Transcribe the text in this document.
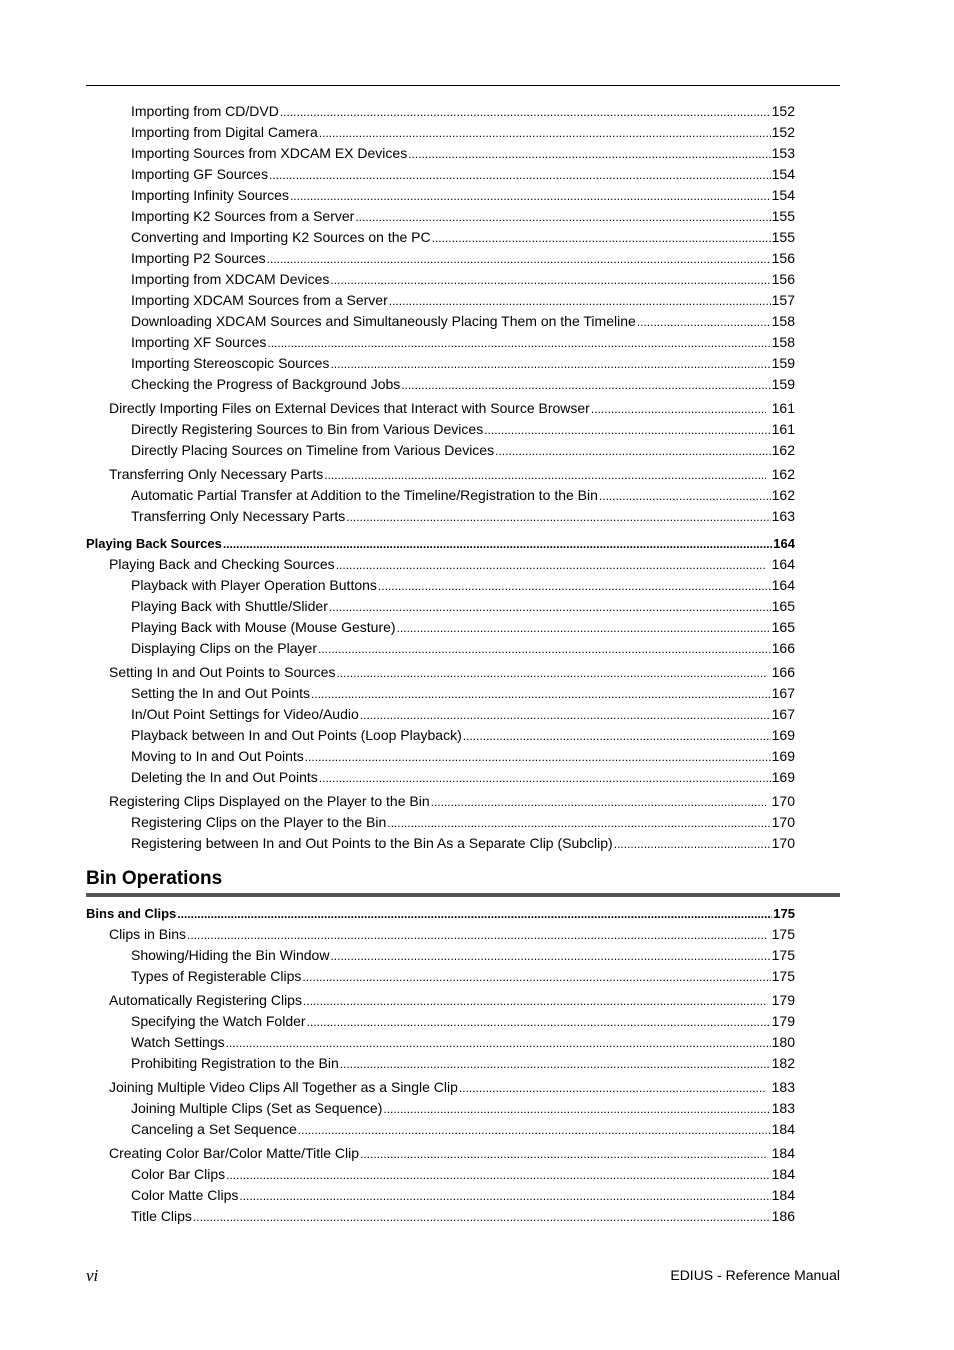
Importing from CD/DVD .....	152
Importing from Digital Camera .....	152
Importing Sources from XDCAM EX Devices .....	153
Importing GF Sources .....	154
Importing Infinity Sources .....	154
Importing K2 Sources from a Server .....	155
Converting and Importing K2 Sources on the PC .....	155
Importing P2 Sources .....	156
Importing from XDCAM Devices .....	156
Importing XDCAM Sources from a Server .....	157
Downloading XDCAM Sources and Simultaneously Placing Them on the Timeline .....	158
Importing XF Sources .....	158
Importing Stereoscopic Sources .....	159
Checking the Progress of Background Jobs .....	159
Directly Importing Files on External Devices that Interact with Source Browser .....	161
Directly Registering Sources to Bin from Various Devices .....	161
Directly Placing Sources on Timeline from Various Devices .....	162
Transferring Only Necessary Parts .....	162
Automatic Partial Transfer at Addition to the Timeline/Registration to the Bin .....	162
Transferring Only Necessary Parts .....	163
Playing Back Sources .....	164
Playing Back and Checking Sources .....	164
Playback with Player Operation Buttons .....	164
Playing Back with Shuttle/Slider .....	165
Playing Back with Mouse (Mouse Gesture) .....	165
Displaying Clips on the Player .....	166
Setting In and Out Points to Sources .....	166
Setting the In and Out Points .....	167
In/Out Point Settings for Video/Audio .....	167
Playback between In and Out Points (Loop Playback) .....	169
Moving to In and Out Points .....	169
Deleting the In and Out Points .....	169
Registering Clips Displayed on the Player to the Bin .....	170
Registering Clips on the Player to the Bin .....	170
Registering between In and Out Points to the Bin As a Separate Clip (Subclip) .....	170
Bin Operations
Bins and Clips .....	175
Clips in Bins .....	175
Showing/Hiding the Bin Window .....	175
Types of Registerable Clips .....	175
Automatically Registering Clips .....	179
Specifying the Watch Folder .....	179
Watch Settings .....	180
Prohibiting Registration to the Bin .....	182
Joining Multiple Video Clips All Together as a Single Clip .....	183
Joining Multiple Clips (Set as Sequence) .....	183
Canceling a Set Sequence .....	184
Creating Color Bar/Color Matte/Title Clip .....	184
Color Bar Clips .....	184
Color Matte Clips .....	184
Title Clips .....	186
vi	EDIUS - Reference Manual
